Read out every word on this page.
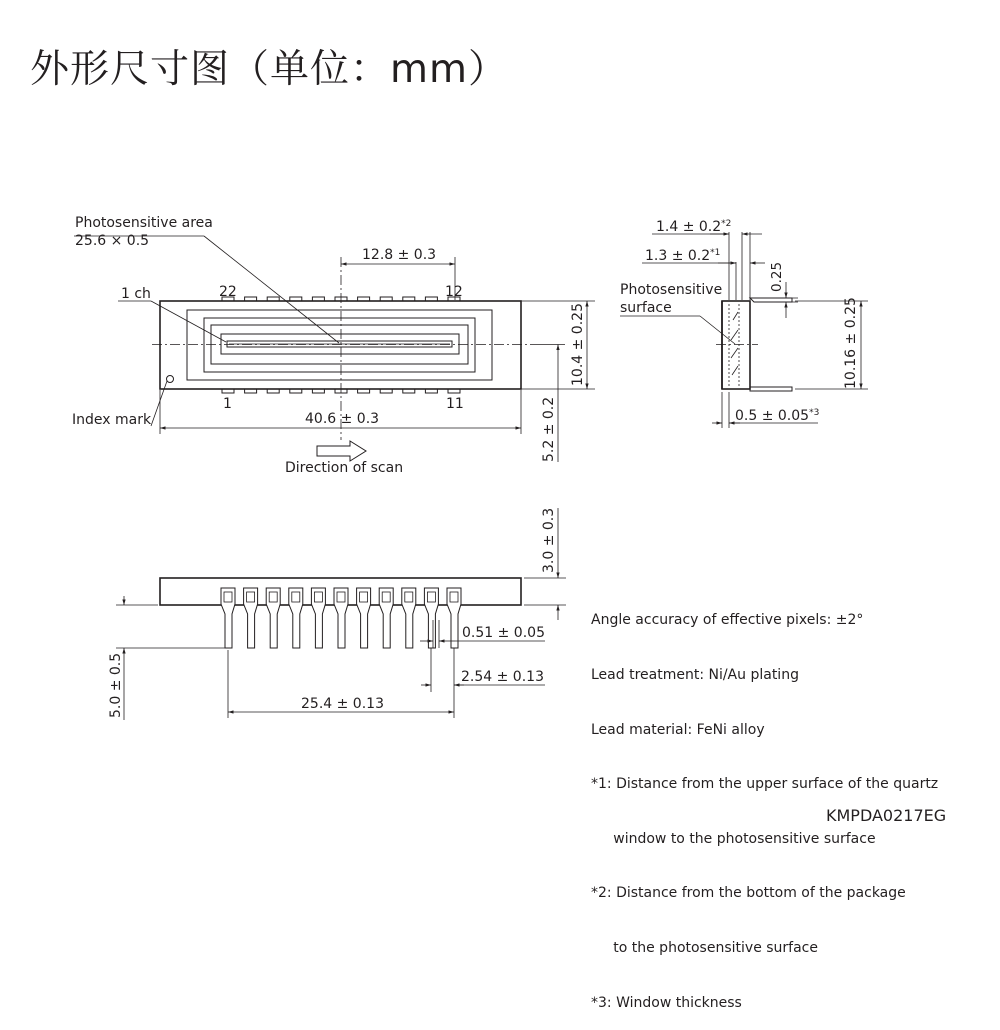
外形尺寸图（单位：mm）
Index mark
Photosensitive area
25.6 × 0.5
1 ch	22	12
1	11
12.8 ± 0.3
40.6 ± 0.3
10.4 ± 0.25
5.2 ± 0.2
Direction of scan
$1.4 \pm 0.2^{*2}$
$1.3 \pm 0.2^{*1}$
0.25
Photosensitive
surface	10.16 ± 0.25
$0.5 \pm 0.05^{*3}$
3.0 ± 0.3
0.51 ± 0.05
2.54 ± 0.13
25.4 ± 0.13
5.0 ± 0.5

Angle accuracy of effective pixels: ±2°

Lead treatment: Ni/Au plating

Lead material: FeNi alloy

*1: Distance from the upper surface of the quartz

window to the photosensitive surface

*2: Distance from the bottom of the package

to the photosensitive surface

*3: Window thickness

KMPDA0217EG
